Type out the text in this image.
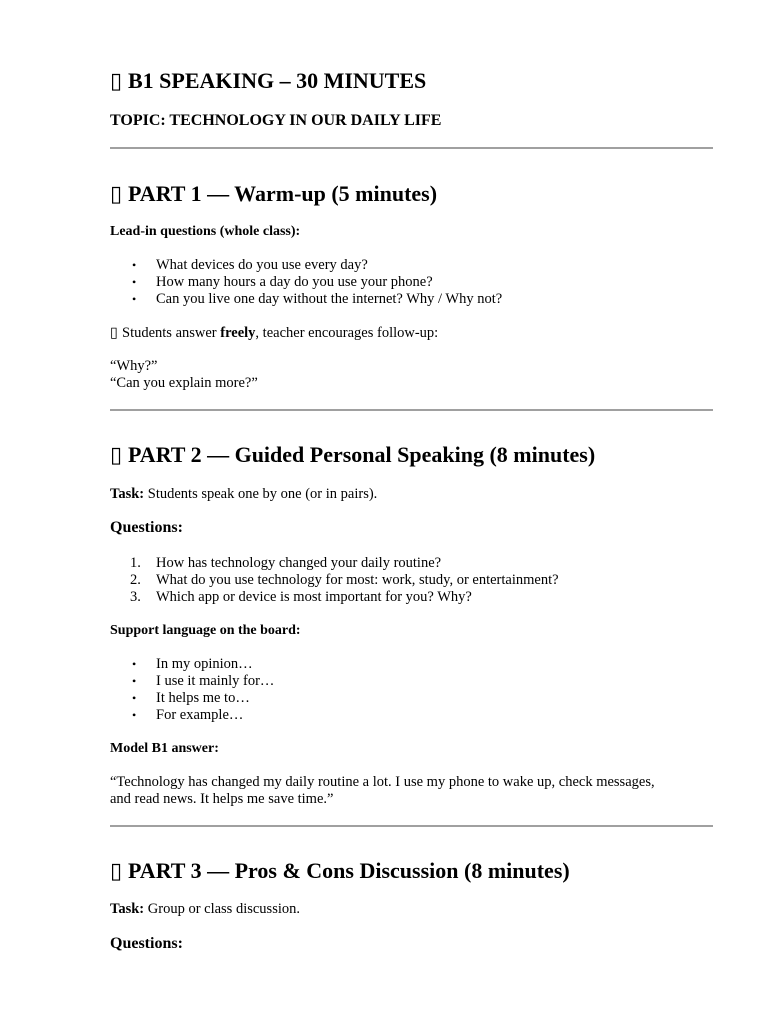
▯ B1 SPEAKING – 30 MINUTES
TOPIC: TECHNOLOGY IN OUR DAILY LIFE
▯ PART 1 — Warm-up (5 minutes)
Lead-in questions (whole class):
• What devices do you use every day?
• How many hours a day do you use your phone?
• Can you live one day without the internet? Why / Why not?
▯ Students answer freely, teacher encourages follow-up:
“Why?”
“Can you explain more?”
▯ PART 2 — Guided Personal Speaking (8 minutes)
Task: Students speak one by one (or in pairs).
Questions:
1. How has technology changed your daily routine?
2. What do you use technology for most: work, study, or entertainment?
3. Which app or device is most important for you? Why?
Support language on the board:
• In my opinion…
• I use it mainly for…
• It helps me to…
• For example…
Model B1 answer:
“Technology has changed my daily routine a lot. I use my phone to wake up, check messages,
and read news. It helps me save time.”
▯ PART 3 — Pros & Cons Discussion (8 minutes)
Task: Group or class discussion.
Questions:
